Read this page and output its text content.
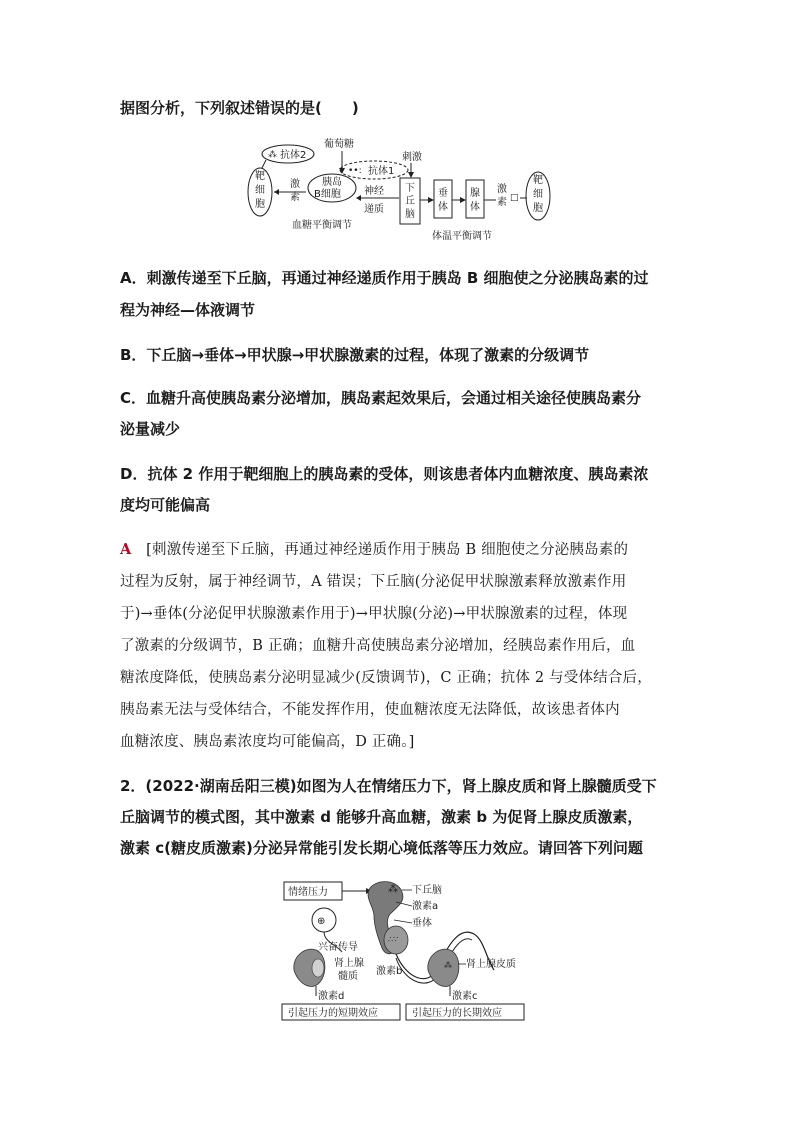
据图分析，下列叙述错误的是(　　)
靶
细
胞
⁂ 抗体2
激
素
胰岛
B细胞
葡萄糖
••: 抗体1
刺激
神经
递质
下
丘
脑
垂
体
腺
体
激
素 □
靶
细
胞
血糖平衡调节
体温平衡调节
A．刺激传递至下丘脑，再通过神经递质作用于胰岛 B 细胞使之分泌胰岛素的过
程为神经—体液调节
B．下丘脑→垂体→甲状腺→甲状腺激素的过程，体现了激素的分级调节
C．血糖升高使胰岛素分泌增加，胰岛素起效果后，会通过相关途径使胰岛素分
泌量减少
D．抗体 2 作用于靶细胞上的胰岛素的受体，则该患者体内血糖浓度、胰岛素浓
度均可能偏高
A　[刺激传递至下丘脑，再通过神经递质作用于胰岛 B 细胞使之分泌胰岛素的
过程为反射，属于神经调节，A 错误；下丘脑(分泌促甲状腺激素释放激素作用
于)→垂体(分泌促甲状腺激素作用于)→甲状腺(分泌)→甲状腺激素的过程，体现
了激素的分级调节，B 正确；血糖升高使胰岛素分泌增加，经胰岛素作用后，血
糖浓度降低，使胰岛素分泌明显减少(反馈调节)，C 正确；抗体 2 与受体结合后，
胰岛素无法与受体结合，不能发挥作用，使血糖浓度无法降低，故该患者体内
血糖浓度、胰岛素浓度均可能偏高，D 正确。]
2．(2022·湖南岳阳三模)如图为人在情绪压力下，肾上腺皮质和肾上腺髓质受下
丘脑调节的模式图，其中激素 d 能够升高血糖，激素 b 为促肾上腺皮质激素，
激素 c(糖皮质激素)分泌异常能引发长期心境低落等压力效应。请回答下列问题
情绪压力	⁂ 下丘脑
激素a
垂体
∴∵
⊕
兴奋传导
肾上腺
髓质
激素d
激素b
⁂ 肾上腺皮质
激素c
引起压力的短期效应	引起压力的长期效应
